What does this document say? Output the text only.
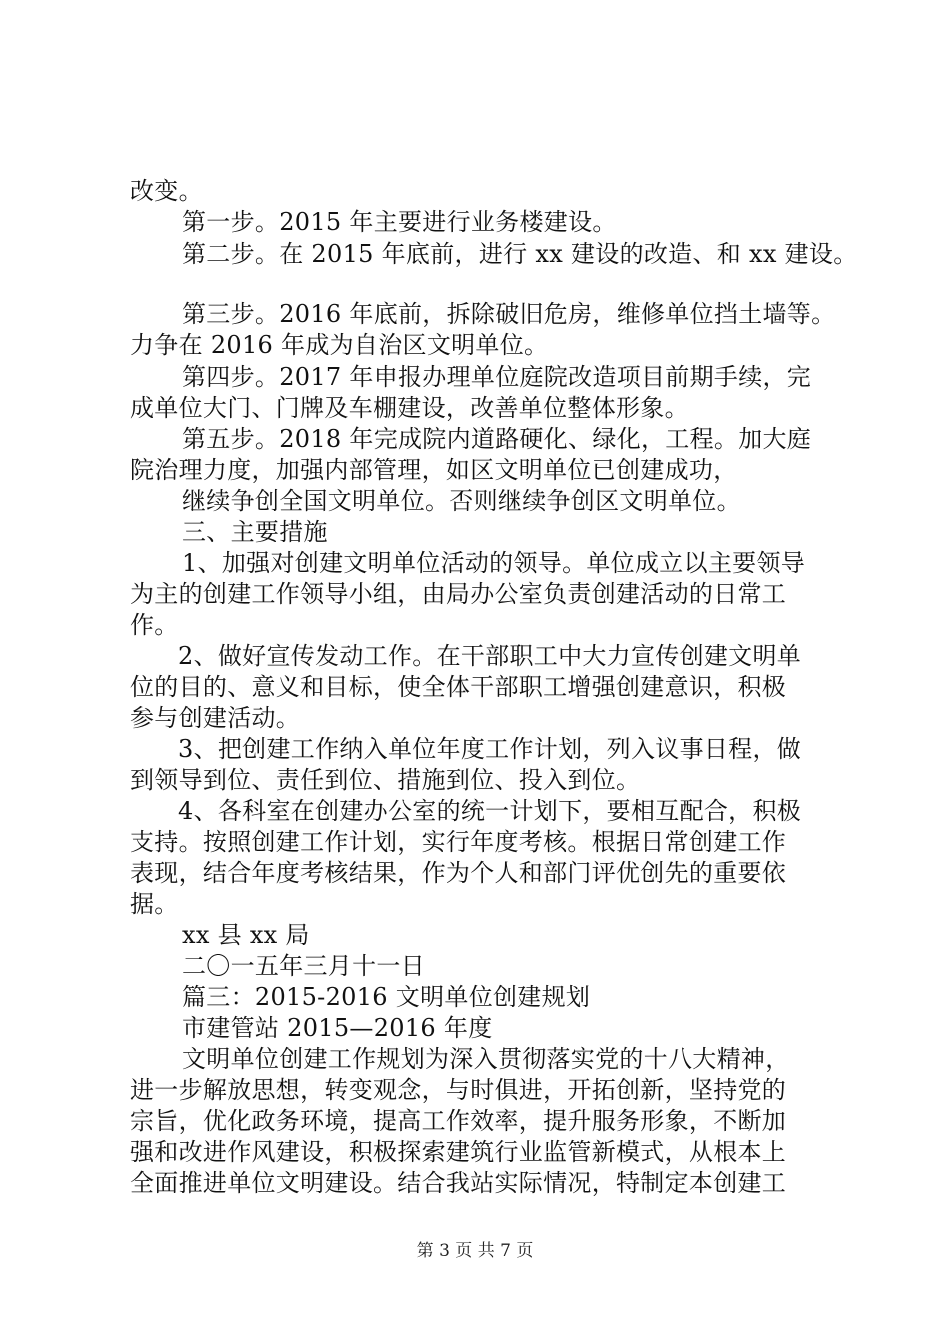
改变。
第一步。2015 年主要进行业务楼建设。
第二步。在 2015 年底前，进行 xx 建设的改造、和 xx 建设。
第三步。2016 年底前，拆除破旧危房，维修单位挡土墙等。
力争在 2016 年成为自治区文明单位。
第四步。2017 年申报办理单位庭院改造项目前期手续，完
成单位大门、门牌及车棚建设，改善单位整体形象。
第五步。2018 年完成院内道路硬化、绿化，工程。加大庭
院治理力度，加强内部管理，如区文明单位已创建成功，
继续争创全国文明单位。否则继续争创区文明单位。
三、主要措施
1、加强对创建文明单位活动的领导。单位成立以主要领导
为主的创建工作领导小组，由局办公室负责创建活动的日常工
作。
2、做好宣传发动工作。在干部职工中大力宣传创建文明单
位的目的、意义和目标，使全体干部职工增强创建意识，积极
参与创建活动。
3、把创建工作纳入单位年度工作计划，列入议事日程，做
到领导到位、责任到位、措施到位、投入到位。
4、各科室在创建办公室的统一计划下，要相互配合，积极
支持。按照创建工作计划，实行年度考核。根据日常创建工作
表现，结合年度考核结果，作为个人和部门评优创先的重要依
据。
xx 县 xx 局
二〇一五年三月十一日
篇三：2015-2016 文明单位创建规划
市建管站 2015—2016 年度
文明单位创建工作规划为深入贯彻落实党的十八大精神，
进一步解放思想，转变观念，与时俱进，开拓创新，坚持党的
宗旨，优化政务环境，提高工作效率，提升服务形象，不断加
强和改进作风建设，积极探索建筑行业监管新模式，从根本上
全面推进单位文明建设。结合我站实际情况，特制定本创建工
第 3 页 共 7 页
